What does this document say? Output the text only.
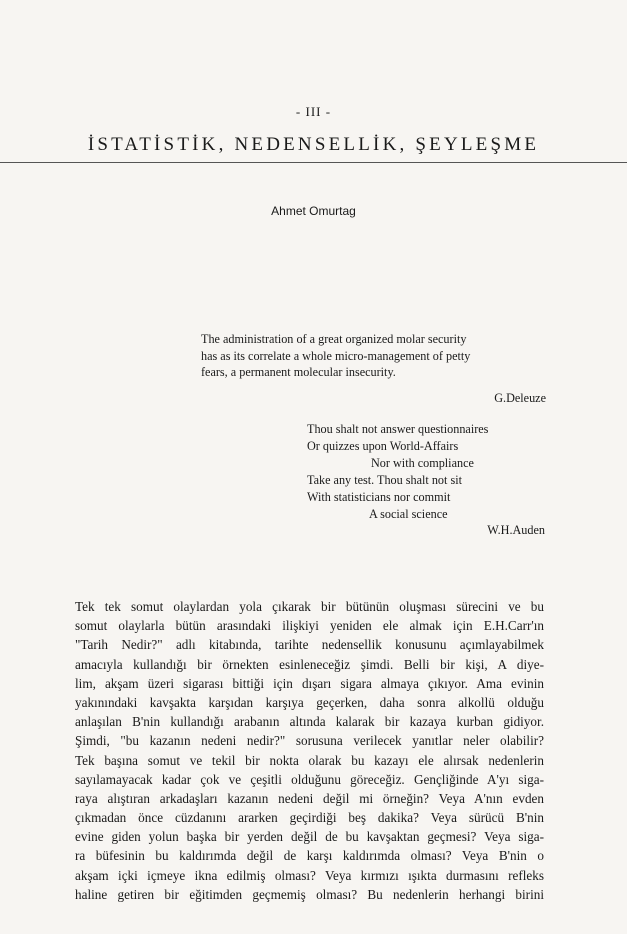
- III -
İSTATİSTİK, NEDENSELLİK, ŞEYLEŞME
Ahmet Omurtag
The administration of a great organized molar security
has as its correlate a whole micro-management of petty
fears, a permanent molecular insecurity.
G.Deleuze
Thou shalt not answer questionnaires
Or quizzes upon World-Affairs
Nor with compliance
Take any test. Thou shalt not sit
With statisticians nor commit
A social science
W.H.Auden
Tek tek somut olaylardan yola çıkarak bir bütünün oluşması sürecini ve bu
somut olaylarla bütün arasındaki ilişkiyi yeniden ele almak için E.H.Carr'ın
"Tarih Nedir?" adlı kitabında, tarihte nedensellik konusunu açımlayabilmek
amacıyla kullandığı bir örnekten esinleneceğiz şimdi. Belli bir kişi, A diye-
lim, akşam üzeri sigarası bittiği için dışarı sigara almaya çıkıyor. Ama evinin
yakınındaki kavşakta karşıdan karşıya geçerken, daha sonra alkollü olduğu
anlaşılan B'nin kullandığı arabanın altında kalarak bir kazaya kurban gidiyor.
Şimdi, "bu kazanın nedeni nedir?" sorusuna verilecek yanıtlar neler olabilir?
Tek başına somut ve tekil bir nokta olarak bu kazayı ele alırsak nedenlerin
sayılamayacak kadar çok ve çeşitli olduğunu göreceğiz. Gençliğinde A'yı siga-
raya alıştıran arkadaşları kazanın nedeni değil mi örneğin? Veya A'nın evden
çıkmadan önce cüzdanını ararken geçirdiği beş dakika? Veya sürücü B'nin
evine giden yolun başka bir yerden değil de bu kavşaktan geçmesi? Veya siga-
ra büfesinin bu kaldırımda değil de karşı kaldırımda olması? Veya B'nin o
akşam içki içmeye ikna edilmiş olması? Veya kırmızı ışıkta durmasını refleks
haline getiren bir eğitimden geçmemiş olması? Bu nedenlerin herhangi birini
